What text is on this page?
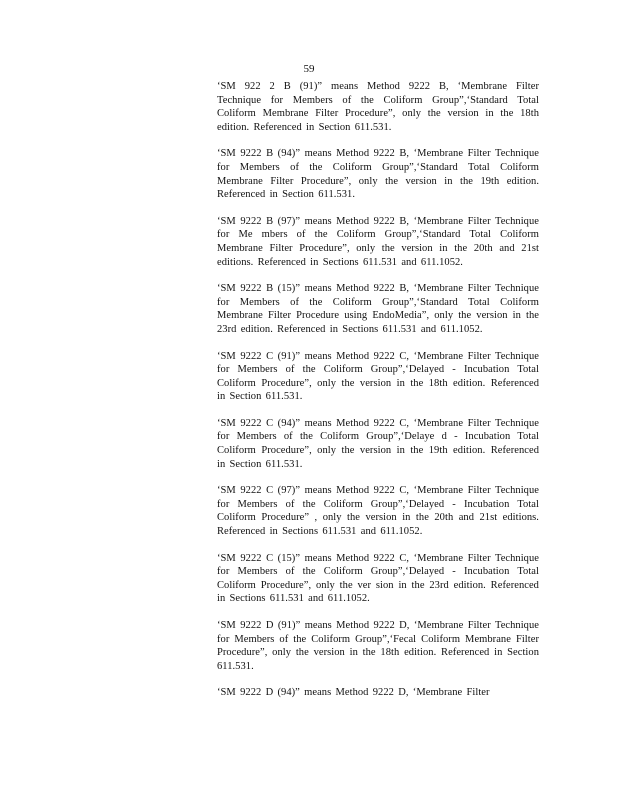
59

‘SM 922 2 B (91)” means Method 9222 B, ‘Membrane Filter Technique for Members of the Coliform Group”,‘Standard Total Coliform Membrane Filter Procedure”, only the version in the 18th edition. Referenced in Section 611.531.

‘SM 9222 B (94)” means Method 9222 B, ‘Membrane Filter Technique for Members of the Coliform Group”,‘Standard Total Coliform Membrane Filter Procedure”, only the version in the 19th edition. Referenced in Section 611.531.

‘SM 9222 B (97)” means Method 9222 B, ‘Membrane Filter Technique for Me mbers of the Coliform Group”,‘Standard Total Coliform Membrane Filter Procedure”, only the version in the 20th and 21st editions. Referenced in Sections 611.531 and 611.1052.

‘SM 9222 B (15)” means Method 9222 B, ‘Membrane Filter Technique for Members of the Coliform Group”,‘Standard Total Coliform Membrane Filter Procedure using EndoMedia”, only the version in the 23rd edition. Referenced in Sections 611.531 and 611.1052.

‘SM 9222 C (91)” means Method 9222 C, ‘Membrane Filter Technique for Members of the Coliform Group”,‘Delayed - Incubation Total Coliform Procedure”, only the version in the 18th edition. Referenced in Section 611.531.

‘SM 9222 C (94)” means Method 9222 C, ‘Membrane Filter Technique for Members of the Coliform Group”,‘Delaye d - Incubation Total Coliform Procedure”, only the version in the 19th edition. Referenced in Section 611.531.

‘SM 9222 C (97)” means Method 9222 C, ‘Membrane Filter Technique for Members of the Coliform Group”,‘Delayed - Incubation Total Coliform Procedure” , only the version in the 20th and 21st editions. Referenced in Sections 611.531 and 611.1052.

‘SM 9222 C (15)” means Method 9222 C, ‘Membrane Filter Technique for Members of the Coliform Group”,‘Delayed - Incubation Total Coliform Procedure”, only the ver sion in the 23rd edition. Referenced in Sections 611.531 and 611.1052.

‘SM 9222 D (91)” means Method 9222 D, ‘Membrane Filter Technique for Members of the Coliform Group”,‘Fecal Coliform Membrane Filter Procedure”, only the version in the 18th edition. Referenced in Section 611.531.

‘SM 9222 D (94)” means Method 9222 D, ‘Membrane Filter
